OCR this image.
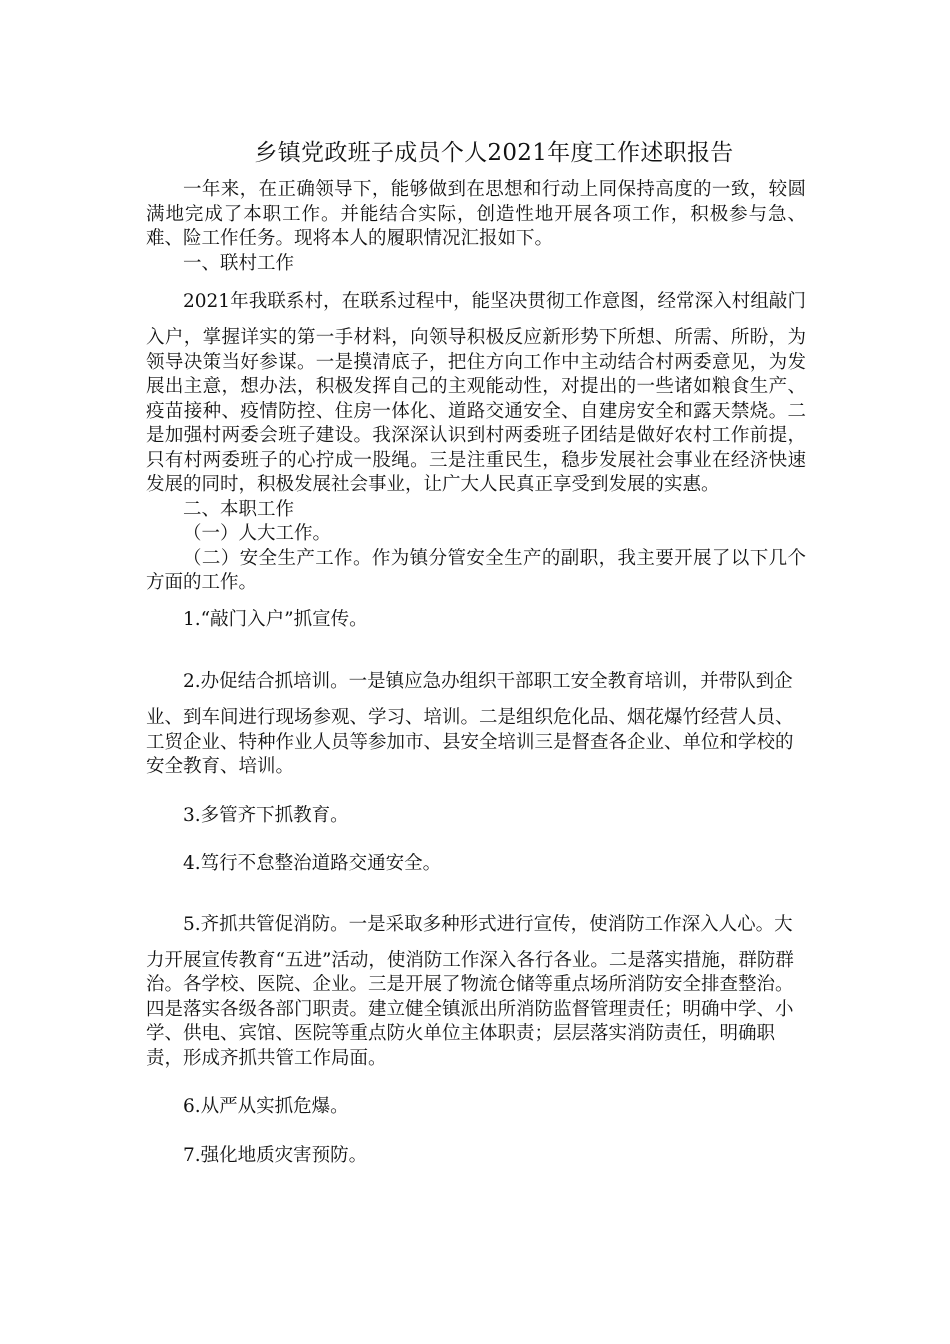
乡镇党政班子成员个人2021年度工作述职报告

一年来，在正确领导下，能够做到在思想和行动上同保持高度的一致，较圆满地完成了本职工作。并能结合实际，创造性地开展各项工作，积极参与急、难、险工作任务。现将本人的履职情况汇报如下。

一、联村工作

2021年我联系村，在联系过程中，能坚决贯彻工作意图，经常深入村组敲门入户，掌握详实的第一手材料，向领导积极反应新形势下所想、所需、所盼，为领导决策当好参谋。一是摸清底子，把住方向工作中主动结合村两委意见，为发展出主意，想办法，积极发挥自己的主观能动性，对提出的一些诸如粮食生产、疫苗接种、疫情防控、住房一体化、道路交通安全、自建房安全和露天禁烧。二是加强村两委会班子建设。我深深认识到村两委班子团结是做好农村工作前提，只有村两委班子的心拧成一股绳。三是注重民生，稳步发展社会事业在经济快速发展的同时，积极发展社会事业，让广大人民真正享受到发展的实惠。

二、本职工作

（一）人大工作。

（二）安全生产工作。作为镇分管安全生产的副职，我主要开展了以下几个方面的工作。

1.“敲门入户”抓宣传。

2.办促结合抓培训。一是镇应急办组织干部职工安全教育培训，并带队到企业、到车间进行现场参观、学习、培训。二是组织危化品、烟花爆竹经营人员、工贸企业、特种作业人员等参加市、县安全培训三是督查各企业、单位和学校的安全教育、培训。

3.多管齐下抓教育。

4.笃行不怠整治道路交通安全。

5.齐抓共管促消防。一是采取多种形式进行宣传，使消防工作深入人心。大力开展宣传教育“五进”活动，使消防工作深入各行各业。二是落实措施，群防群治。各学校、医院、企业。三是开展了物流仓储等重点场所消防安全排查整治。四是落实各级各部门职责。建立健全镇派出所消防监督管理责任；明确中学、小学、供电、宾馆、医院等重点防火单位主体职责；层层落实消防责任，明确职责，形成齐抓共管工作局面。

6.从严从实抓危爆。

7.强化地质灾害预防。
